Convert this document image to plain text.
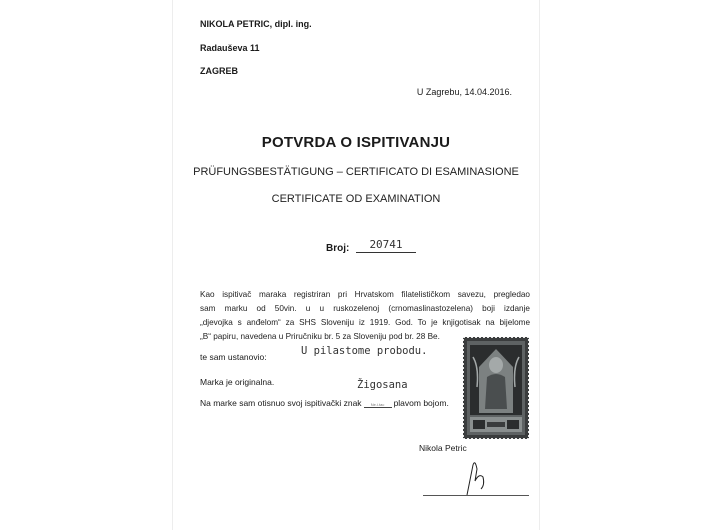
NIKOLA PETRIC, dipl. ing.
Radauševa 11
ZAGREB
U Zagrebu, 14.04.2016.
POTVRDA O ISPITIVANJU
PRÜFUNGSBESTÄTIGUNG – CERTIFICATO DI ESAMINASIONE
CERTIFICATE OD EXAMINATION
Broj:	20741
Kao ispitivač maraka registriran pri Hrvatskom filatelističkom savezu, pregledao
sam marku od 50vin. u u ruskozelenoj (crnomaslinastozelena) boji izdanje
„djevojka s anđelom“ za SHS Sloveniju iz 1919. God. To je knjigotisak na bijelome
„B“ papiru, navedena u Priručniku br. 5 za Sloveniju pod br. 28 Be.
te sam ustanovio:	U pilastome probodu.
Marka je originalna.	Žigosana
Na marke sam otisnuo svoj ispitivački znak Ne.i.tac plavom bojom.
Nikola Petric
